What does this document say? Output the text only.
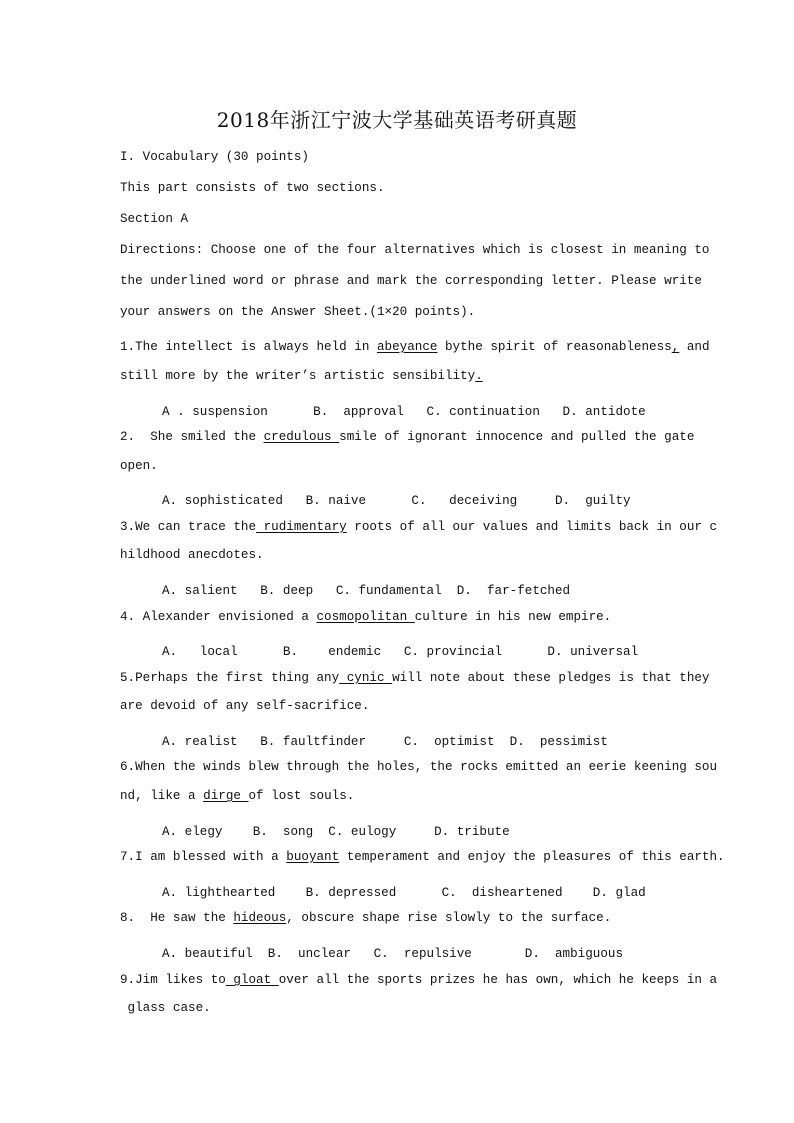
2018年浙江宁波大学基础英语考研真题
I. Vocabulary (30 points)
This part consists of two sections.
Section A
Directions: Choose one of the four alternatives which is closest in meaning to
the underlined word or phrase and mark the corresponding letter. Please write
your answers on the Answer Sheet.(1×20 points).
1.The intellect is always held in abeyance bythe spirit of reasonableness, and
still more by the writer’s artistic sensibility.
A . suspension      B.  approval   C. continuation   D. antidote
2.  She smiled the credulous smile of ignorant innocence and pulled the gate
open.
A. sophisticated   B. naive      C.   deceiving     D.  guilty
3.We can trace the rudimentary roots of all our values and limits back in our c
hildhood anecdotes.
A. salient   B. deep   C. fundamental  D.  far-fetched
4. Alexander envisioned a cosmopolitan culture in his new empire.
A.   local      B.    endemic   C. provincial      D. universal
5.Perhaps the first thing any cynic will note about these pledges is that they
are devoid of any self-sacrifice.
A. realist   B. faultfinder     C.  optimist  D.  pessimist
6.When the winds blew through the holes, the rocks emitted an eerie keening sou
nd, like a dirge of lost souls.
A. elegy    B.  song  C. eulogy     D. tribute
7.I am blessed with a buoyant temperament and enjoy the pleasures of this earth.
A. lighthearted    B. depressed      C.  disheartened    D. glad
8.  He saw the hideous, obscure shape rise slowly to the surface.
A. beautiful  B.  unclear   C.  repulsive       D.  ambiguous
9.Jim likes to gloat over all the sports prizes he has own, which he keeps in a
glass case.
